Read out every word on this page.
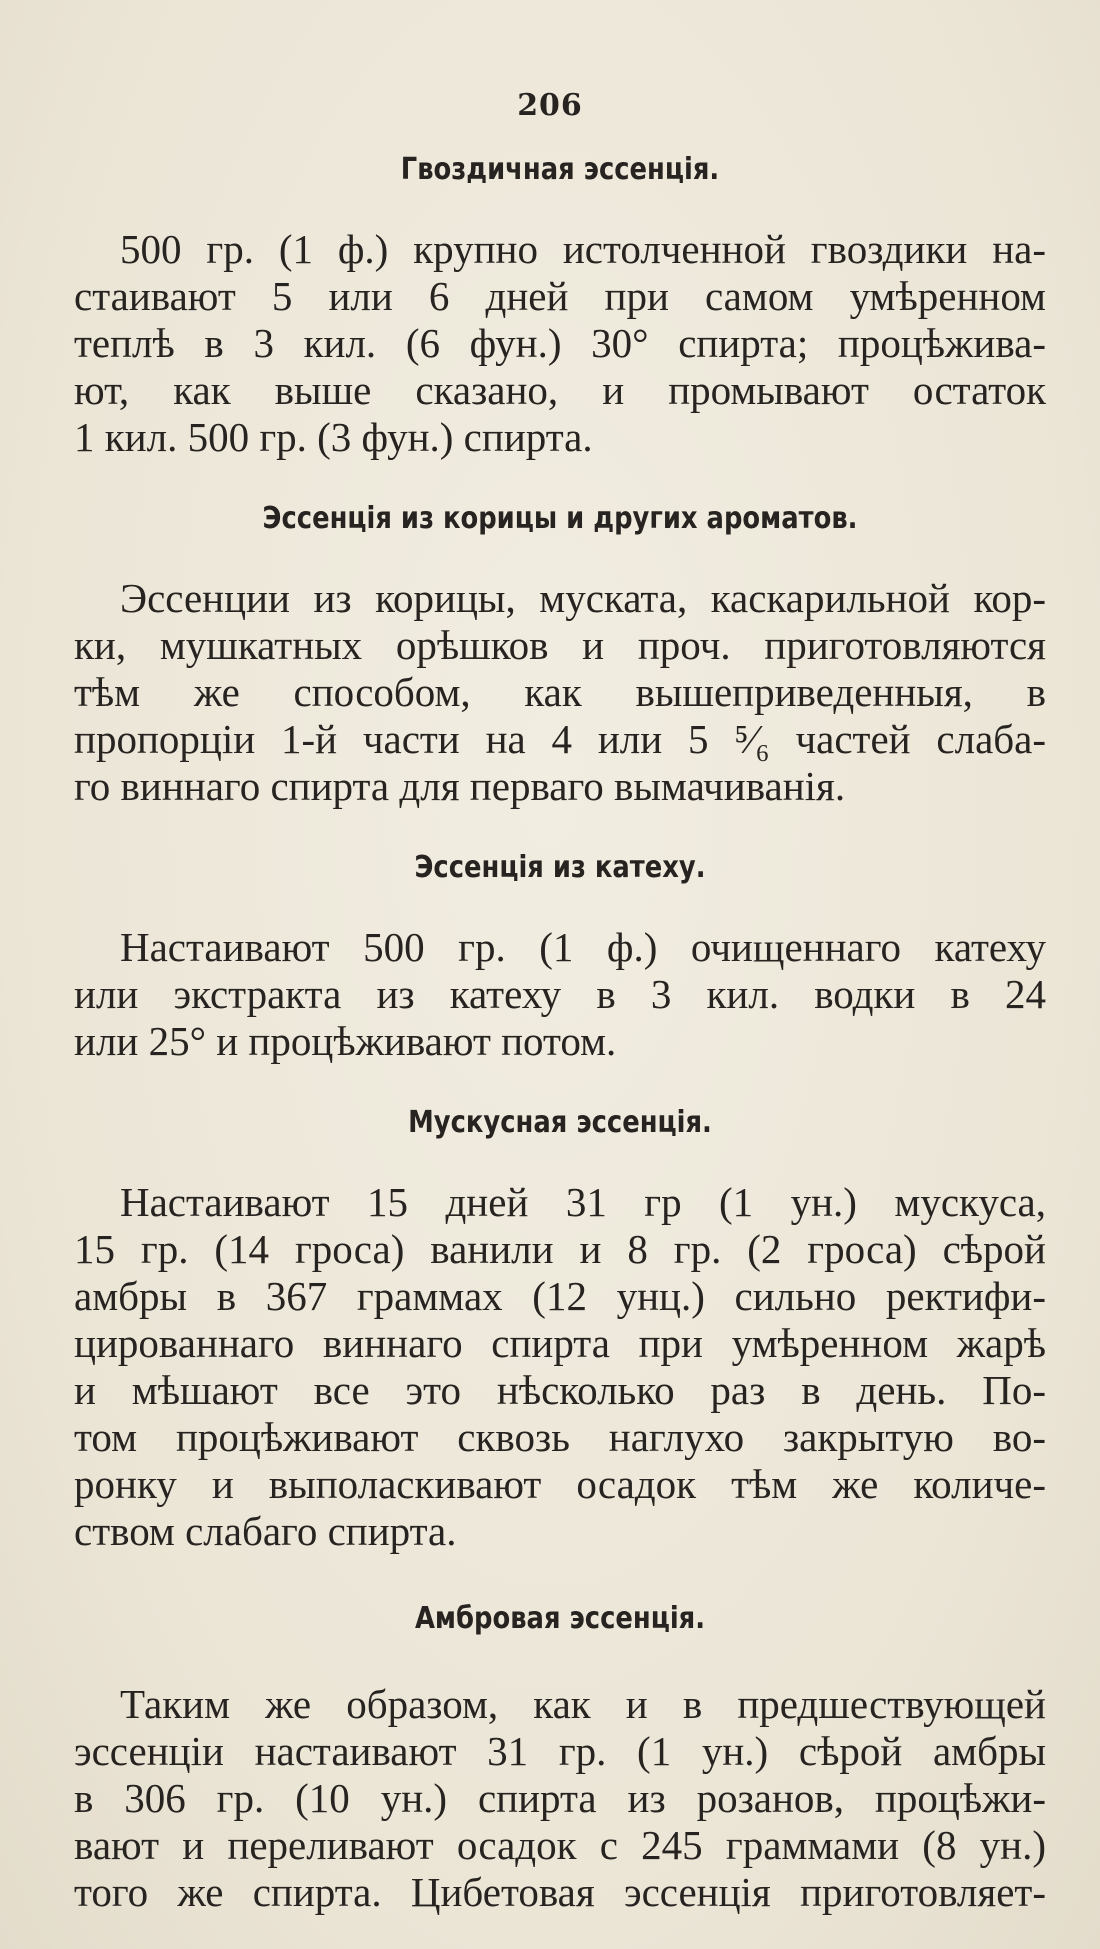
206
Гвоздичная эссенція.
500 гр. (1 ф.) крупно истолченной гвоздики на-
стаивают 5 или 6 дней при самом умѣренном
теплѣ в 3 кил. (6 фун.) 30° спирта; процѣжива-
ют, как выше сказано, и промывают остаток
1 кил. 500 гр. (3 фун.) спирта.
Эссенція из корицы и других ароматов.
Эссенции из корицы, муската, каскарильной кор-
ки, мушкатных орѣшков и проч. приготовляются
тѣм же способом, как вышеприведенныя, в
пропорціи 1-й части на 4 или 5 ⁵⁄₆ частей слаба-
го виннаго спирта для перваго вымачиванія.
Эссенція из катеху.
Настаивают 500 гр. (1 ф.) очищеннаго катеху
или экстракта из катеху в 3 кил. водки в 24
или 25° и процѣживают потом.
Мускусная эссенція.
Настаивают 15 дней 31 гр (1 ун.) мускуса,
15 гр. (14 гроса) ванили и 8 гр. (2 гроса) сѣрой
амбры в 367 граммах (12 унц.) сильно ректифи-
цированнаго виннаго спирта при умѣренном жарѣ
и мѣшают все это нѣсколько раз в день. По-
том процѣживают сквозь наглухо закрытую во-
ронку и выполаскивают осадок тѣм же количе-
ством слабаго спирта.
Амбровая эссенція.
Таким же образом, как и в предшествующей
эссенціи настаивают 31 гр. (1 ун.) сѣрой амбры
в 306 гр. (10 ун.) спирта из розанов, процѣжи-
вают и переливают осадок с 245 граммами (8 ун.)
того же спирта. Цибетовая эссенція приготовляет-
